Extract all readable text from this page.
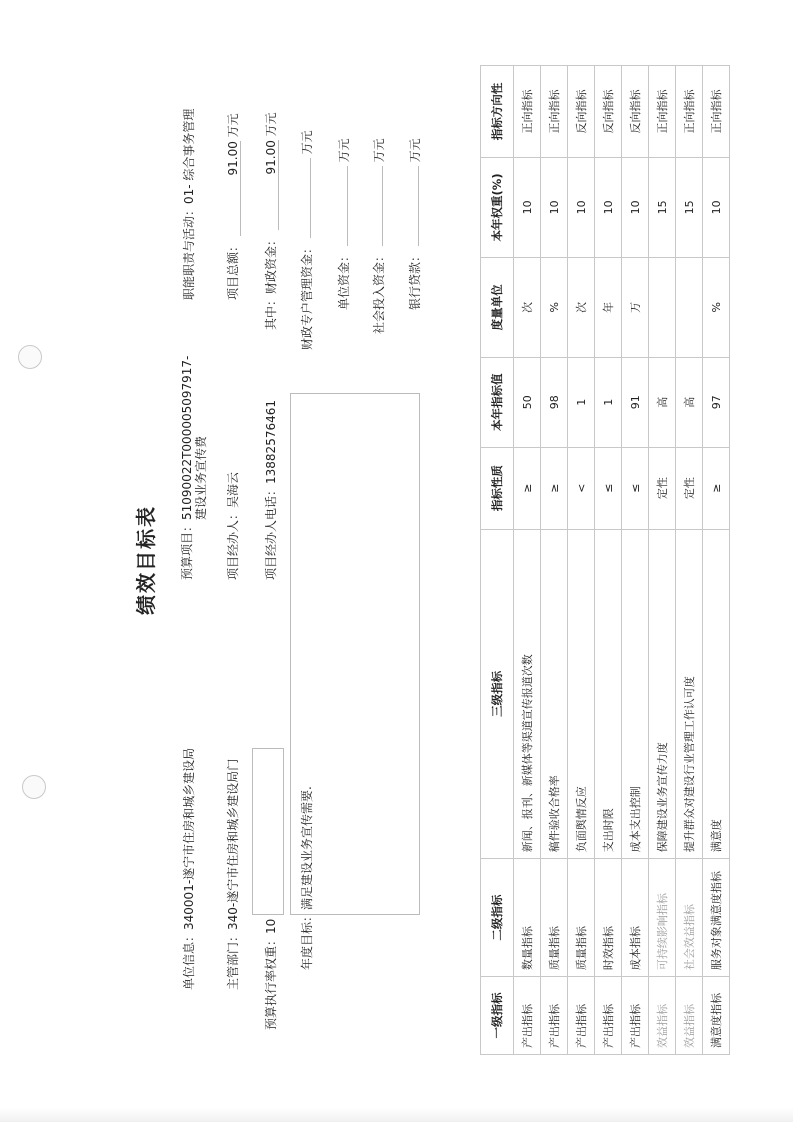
绩效目标表
单位信息：340001-遂宁市住房和城乡建设局
预算项目：51090022T000005097917-
建设业务宣传费
职能职责与活动：01- 综合事务管理
主管部门：340-遂宁市住房和城乡建设局门
项目经办人：吴海云
项目总额： 91.00 万元
预算执行率权重：10
项目经办人电话：13882576461
其中：财政资金： 91.00 万元
年度目标：满足建设业务宣传需要.
财政专户管理资金：  万元
单位资金：  万元
社会投入资金：  万元
银行贷款：  万元
一级指标	二级指标	三级指标	指标性质	本年指标值	度量单位	本年权重(%)	指标方向性
产出指标	数量指标	新闻、报刊、新媒体等渠道宣传报道次数	≥	50	次	10	正向指标
产出指标	质量指标	稿件验收合格率	≥	98	%	10	正向指标
产出指标	质量指标	负面舆情反应	<	1	次	10	反向指标
产出指标	时效指标	支出时限	≤	1	年	10	反向指标
产出指标	成本指标	成本支出控制	≤	91	万	10	反向指标
效益指标	可持续影响指标	保障建设业务宣传力度	定性	高		15	正向指标
效益指标	社会效益指标	提升群众对建设行业管理工作认可度	定性	高		15	正向指标
满意度指标	服务对象满意度指标	满意度	≥	97	%	10	正向指标
